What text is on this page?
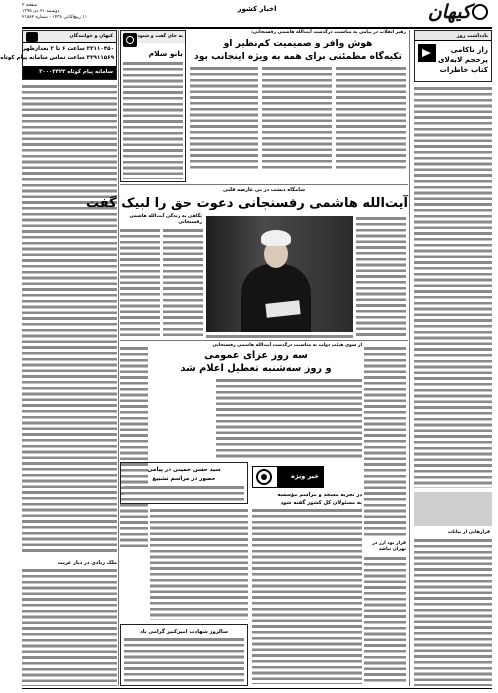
کیهان
اخبار کشور
صفحه ۲
دوشنبه ۲۱ دی ۱۳۹۵
۱۱ ربیع‌الثانی ۱۴۳۸ - شماره ۲۱۵۸۲
یادداشت روز
راز ناکامی پرحجم لابه‌لای کتاب خاطرات
فرازهایی از بیانات
رهبر انقلاب در پیامی به مناسبت درگذشت آیت‌الله هاشمی رفسنجانی:
هوش وافر و صمیمیت کم‌نظیر او
تکیه‌گاه مطمئنی برای همه به ویژه اینجانب بود
به جای گفت و شنود
بانو سلام
کیهان و خوانندگان
۳۳۱۱۰۴۵۰ ساعت ۶ تا ۲ بعدازظهر
۳۳۹۱۱۵۶۹ ساعت تماس سامانه پیام کوتاه
سامانه پیام کوتاه ۳۰۰۰۲۳۲۳
شامگاه دیشب در پی عارضه قلبی
آیت‌الله هاشمی رفسنجانی دعوت حق را لبیک گفت
نگاهی به زندگی آیت‌الله هاشمی رفسنجانی
از سوی هیئت دولت به مناسبت درگذشت آیت‌الله هاشمی رفسنجانی
سه روز عزای عمومی
و روز سه‌شنبه تعطیل اعلام شد
خبر ویژه
در تجربه مسجد و مراسم مؤسسه
به مسئولان کل کشور گفته شود
قرار بود ارز در تهران نباشد
سید حسن خمینی در پیامی
حضور در مراسم تشییع
سالروز شهادت امیرکبیر گرامی باد
ملک زیادی در دیار غربت
